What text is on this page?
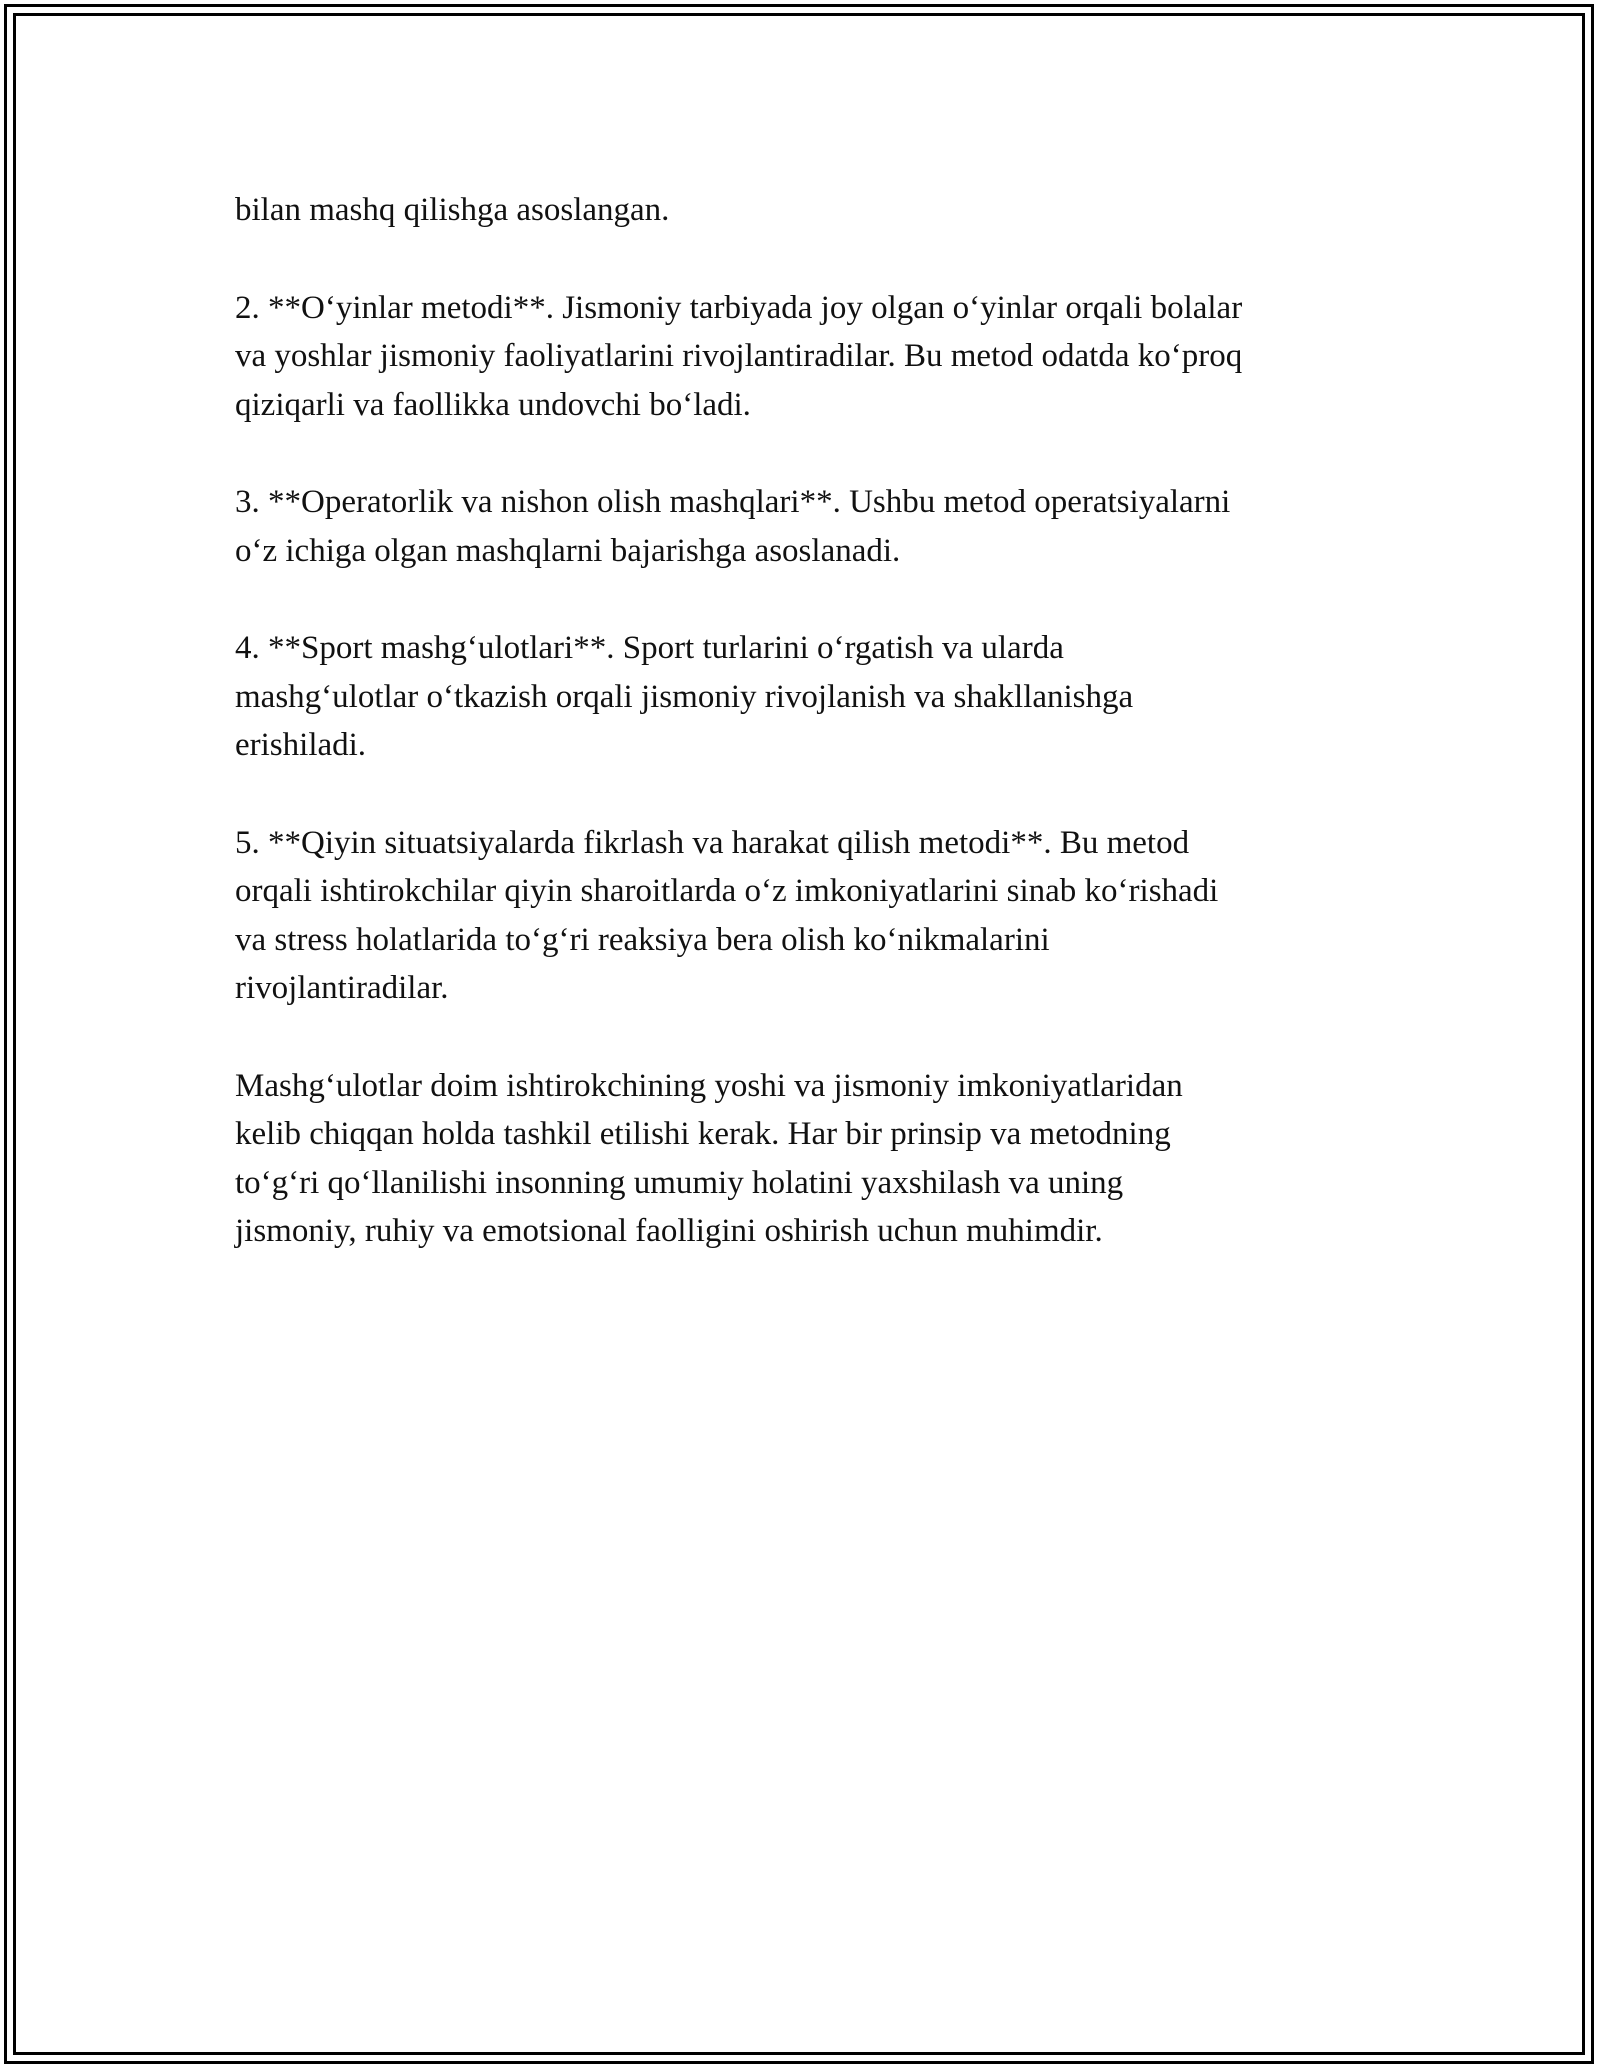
bilan mashq qilishga asoslangan.

2. **Oʻyinlar metodi**. Jismoniy tarbiyada joy olgan oʻyinlar orqali bolalar
va yoshlar jismoniy faoliyatlarini rivojlantiradilar. Bu metod odatda koʻproq
qiziqarli va faollikka undovchi boʻladi.

3. **Operatorlik va nishon olish mashqlari**. Ushbu metod operatsiyalarni
oʻz ichiga olgan mashqlarni bajarishga asoslanadi.

4. **Sport mashgʻulotlari**. Sport turlarini oʻrgatish va ularda
mashgʻulotlar oʻtkazish orqali jismoniy rivojlanish va shakllanishga
erishiladi.

5. **Qiyin situatsiyalarda fikrlash va harakat qilish metodi**. Bu metod
orqali ishtirokchilar qiyin sharoitlarda oʻz imkoniyatlarini sinab koʻrishadi
va stress holatlarida toʻgʻri reaksiya bera olish koʻnikmalarini
rivojlantiradilar.

Mashgʻulotlar doim ishtirokchining yoshi va jismoniy imkoniyatlaridan
kelib chiqqan holda tashkil etilishi kerak. Har bir prinsip va metodning
toʻgʻri qoʻllanilishi insonning umumiy holatini yaxshilash va uning
jismoniy, ruhiy va emotsional faolligini oshirish uchun muhimdir.
